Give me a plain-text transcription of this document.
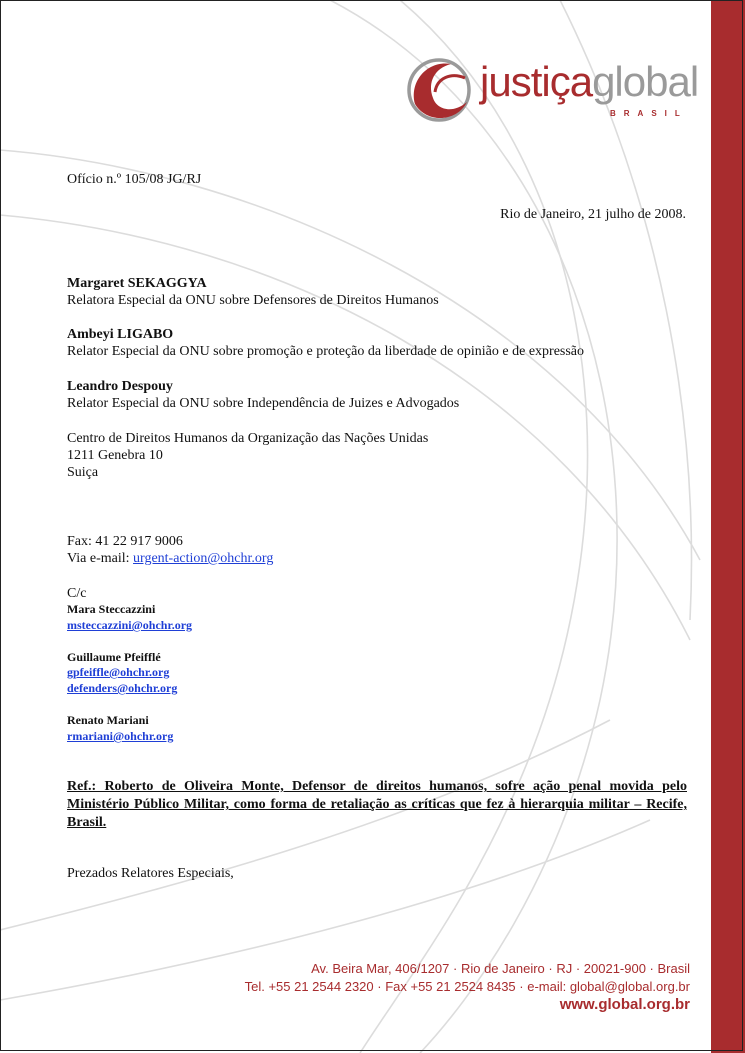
justiçaglobal
BRASIL
Ofício n.º 105/08 JG/RJ
Rio de Janeiro, 21 julho de 2008.
Margaret SEKAGGYA
Relatora Especial da ONU sobre Defensores de Direitos Humanos
Ambeyi LIGABO
Relator Especial da ONU sobre promoção e proteção da liberdade de opinião e de expressão
Leandro Despouy
Relator Especial da ONU sobre Independência de Juizes e Advogados
Centro de Direitos Humanos da Organização das Nações Unidas
1211 Genebra 10
Suiça
Fax: 41 22 917 9006
Via e-mail: urgent-action@ohchr.org
C/c
Mara Steccazzini
msteccazzini@ohchr.org
Guillaume Pfeifflé
gpfeiffle@ohchr.org
defenders@ohchr.org
Renato Mariani
rmariani@ohchr.org
Ref.: Roberto de Oliveira Monte, Defensor de direitos humanos, sofre ação penal movida pelo Ministério Público Militar, como forma de retaliação as críticas que fez à hierarquia militar – Recife, Brasil.
Prezados Relatores Especiais,
Av. Beira Mar, 406/1207 · Rio de Janeiro · RJ · 20021-900 · Brasil
Tel. +55 21 2544 2320 · Fax +55 21 2524 8435 · e-mail: global@global.org.br
www.global.org.br
